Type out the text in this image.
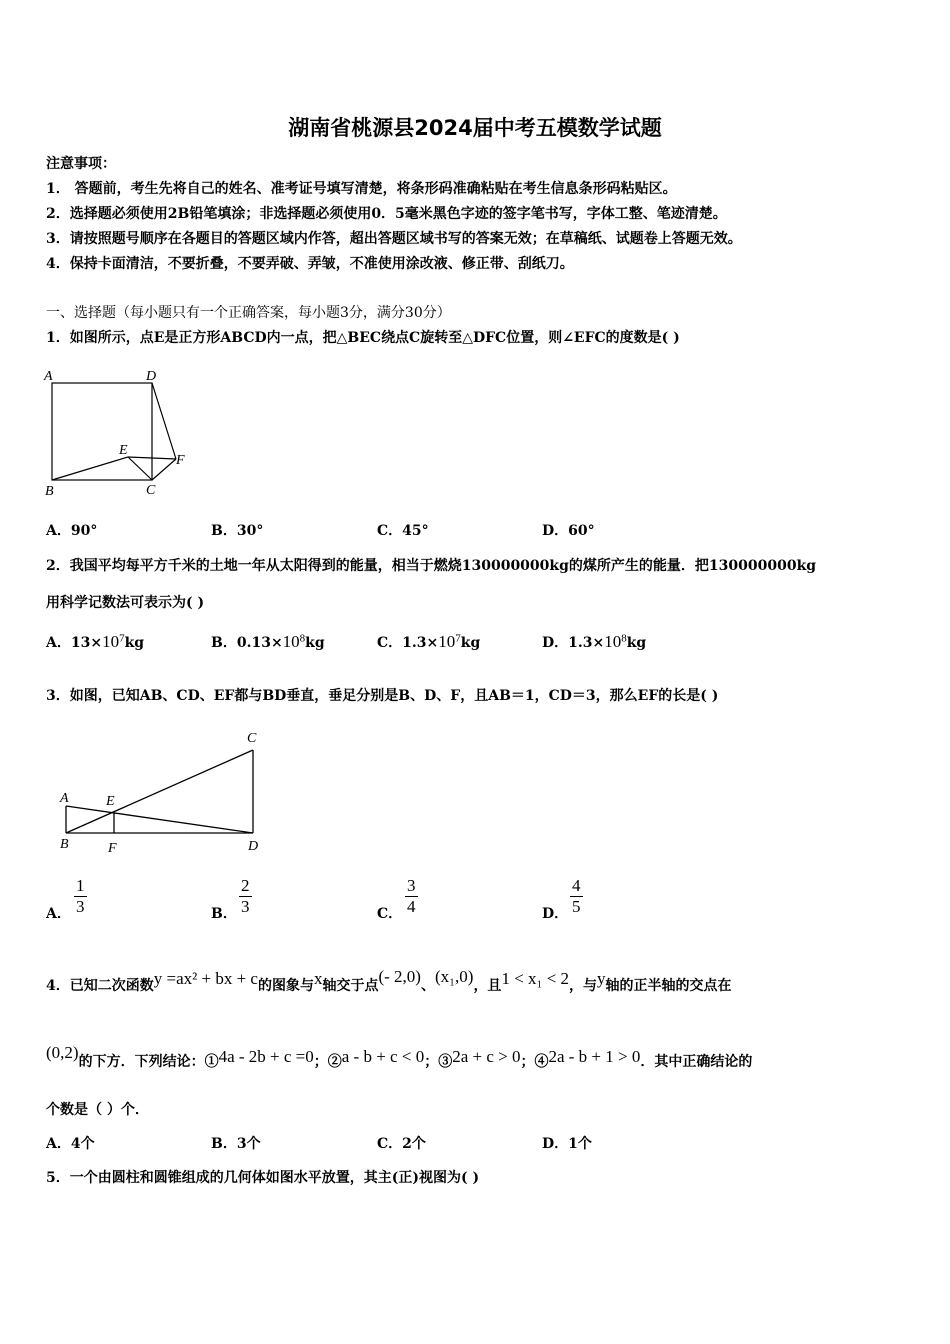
湖南省桃源县2024届中考五模数学试题
注意事项：
1． 答题前，考生先将自己的姓名、准考证号填写清楚，将条形码准确粘贴在考生信息条形码粘贴区。
2．选择题必须使用2B铅笔填涂；非选择题必须使用0．5毫米黑色字迹的签字笔书写，字体工整、笔迹清楚。
3．请按照题号顺序在各题目的答题区域内作答，超出答题区域书写的答案无效；在草稿纸、试题卷上答题无效。
4．保持卡面清洁，不要折叠，不要弄破、弄皱，不准使用涂改液、修正带、刮纸刀。
一、选择题（每小题只有一个正确答案，每小题3分，满分30分）
1．如图所示，点E是正方形ABCD内一点，把△BEC绕点C旋转至△DFC位置，则∠EFC的度数是( )
A	D
B	C
E
F
A
C
B	D
E
F
A．90°	B．30°	C．45°	D．60°
2．我国平均每平方千米的土地一年从太阳得到的能量，相当于燃烧130000000kg的煤所产生的能量．把130000000kg
用科学记数法可表示为( )
A．$13\times 10^7kg$	B．$0.13\times 10^8kg$	C．$1.3\times 10^7kg$	D．$1.3\times 10^8kg$
3．如图，已知AB、CD、EF都与BD垂直，垂足分别是B、D、F，且AB＝1，CD＝3，那么EF的长是( )
A． $\frac{1}{3}$	B． $\frac{2}{3}$	C． $\frac{3}{4}$	D． $\frac{4}{5}$
4．已知二次函数y =ax² + bx + c的图象与x轴交于点(- 2,0)、(x₁,0)，且1 < x₁ < 2，与y轴的正半轴的交点在
(0,2)的下方．下列结论：①4a - 2b + c =0；②a - b + c < 0；③2a + c > 0；④2a - b + 1 > 0．其中正确结论的
个数是（ ）个．
A．4个	B．3个	C．2个	D．1个
5．一个由圆柱和圆锥组成的几何体如图水平放置，其主(正)视图为( )
